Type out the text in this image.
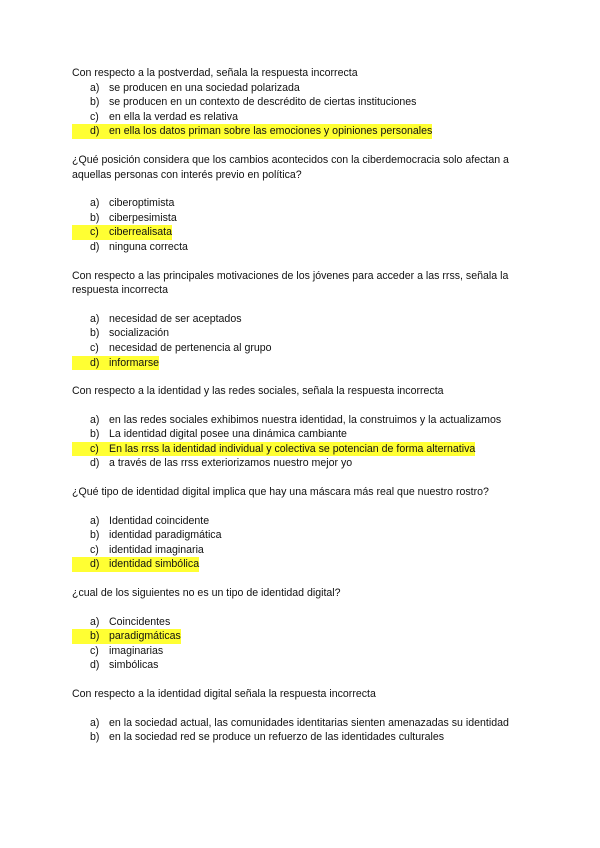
Con respecto a la postverdad, señala la respuesta incorrecta

a) se producen en una sociedad polarizada
b) se producen en un contexto de descrédito de ciertas instituciones
c) en ella la verdad es relativa
d) en ella los datos priman sobre las emociones y opiniones personales

¿Qué posición considera que los cambios acontecidos con la ciberdemocracia solo afectan a aquellas personas con interés previo en política?

a) ciberoptimista
b) ciberpesimista
c) ciberrealisata
d) ninguna correcta

Con respecto a las principales motivaciones de los jóvenes para acceder a las rrss, señala la respuesta incorrecta

a) necesidad de ser aceptados
b) socialización
c) necesidad de pertenencia al grupo
d) informarse

Con respecto a la identidad y las redes sociales, señala la respuesta incorrecta

a) en las redes sociales exhibimos nuestra identidad, la construimos y la actualizamos
b) La identidad digital posee una dinámica cambiante
c) En las rrss la identidad individual y colectiva se potencian de forma alternativa
d) a través de las rrss exteriorizamos nuestro mejor yo

¿Qué tipo de identidad digital implica que hay una máscara más real que nuestro rostro?

a) Identidad coincidente
b) identidad paradigmática
c) identidad imaginaria
d) identidad simbólica

¿cual de los siguientes no es un tipo de identidad digital?

a) Coincidentes
b) paradigmáticas
c) imaginarias
d) simbólicas

Con respecto a la identidad digital señala la respuesta incorrecta

a) en la sociedad actual, las comunidades identitarias sienten amenazadas su identidad
b) en la sociedad red se produce un refuerzo de las identidades culturales
